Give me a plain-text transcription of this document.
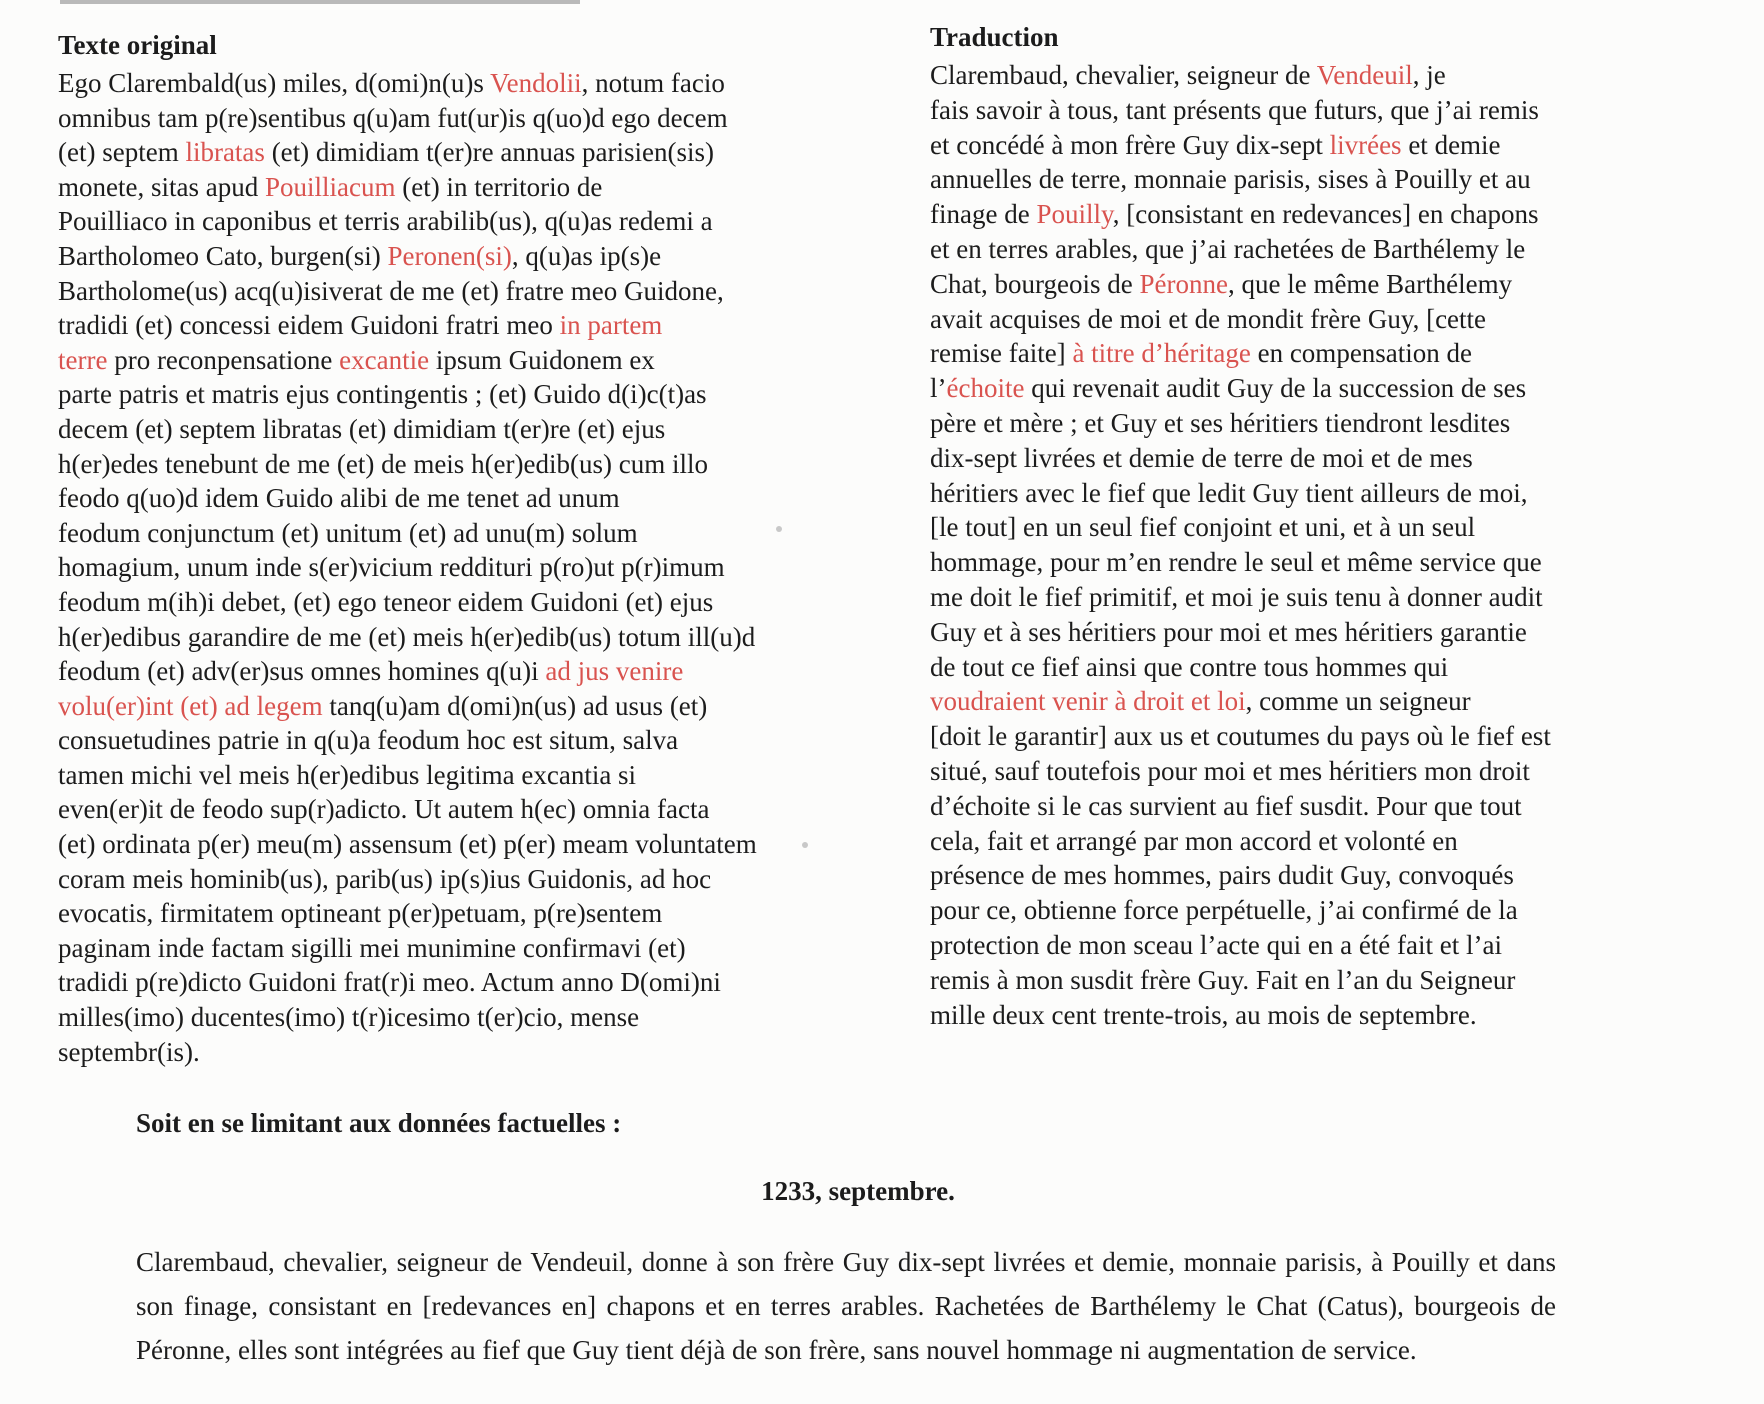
Texte original
Ego Clarembald(us) miles, d(omi)n(u)s Vendolii, notum facio
omnibus tam p(re)sentibus q(u)am fut(ur)is q(uo)d ego decem
(et) septem libratas (et) dimidiam t(er)re annuas parisien(sis)
monete, sitas apud Pouilliacum (et) in territorio de
Pouilliaco in caponibus et terris arabilib(us), q(u)as redemi a
Bartholomeo Cato, burgen(si) Peronen(si), q(u)as ip(s)e
Bartholome(us) acq(u)isiverat de me (et) fratre meo Guidone,
tradidi (et) concessi eidem Guidoni fratri meo in partem
terre pro reconpensatione excantie ipsum Guidonem ex
parte patris et matris ejus contingentis ; (et) Guido d(i)c(t)as
decem (et) septem libratas (et) dimidiam t(er)re (et) ejus
h(er)edes tenebunt de me (et) de meis h(er)edib(us) cum illo
feodo q(uo)d idem Guido alibi de me tenet ad unum
feodum conjunctum (et) unitum (et) ad unu(m) solum
homagium, unum inde s(er)vicium reddituri p(ro)ut p(r)imum
feodum m(ih)i debet, (et) ego teneor eidem Guidoni (et) ejus
h(er)edibus garandire de me (et) meis h(er)edib(us) totum ill(u)d
feodum (et) adv(er)sus omnes homines q(u)i ad jus venire
volu(er)int (et) ad legem tanq(u)am d(omi)n(us) ad usus (et)
consuetudines patrie in q(u)a feodum hoc est situm, salva
tamen michi vel meis h(er)edibus legitima excantia si
even(er)it de feodo sup(r)adicto. Ut autem h(ec) omnia facta
(et) ordinata p(er) meu(m) assensum (et) p(er) meam voluntatem
coram meis hominib(us), parib(us) ip(s)ius Guidonis, ad hoc
evocatis, firmitatem optineant p(er)petuam, p(re)sentem
paginam inde factam sigilli mei munimine confirmavi (et)
tradidi p(re)dicto Guidoni frat(r)i meo. Actum anno D(omi)ni
milles(imo) ducentes(imo) t(r)icesimo t(er)cio, mense
septembr(is).
Traduction
Clarembaud, chevalier, seigneur de Vendeuil, je
fais savoir à tous, tant présents que futurs, que j’ai remis
et concédé à mon frère Guy dix-sept livrées et demie
annuelles de terre, monnaie parisis, sises à Pouilly et au
finage de Pouilly, [consistant en redevances] en chapons
et en terres arables, que j’ai rachetées de Barthélemy le
Chat, bourgeois de Péronne, que le même Barthélemy
avait acquises de moi et de mondit frère Guy, [cette
remise faite] à titre d’héritage en compensation de
l’échoite qui revenait audit Guy de la succession de ses
père et mère ; et Guy et ses héritiers tiendront lesdites
dix-sept livrées et demie de terre de moi et de mes
héritiers avec le fief que ledit Guy tient ailleurs de moi,
[le tout] en un seul fief conjoint et uni, et à un seul
hommage, pour m’en rendre le seul et même service que
me doit le fief primitif, et moi je suis tenu à donner audit
Guy et à ses héritiers pour moi et mes héritiers garantie
de tout ce fief ainsi que contre tous hommes qui
voudraient venir à droit et loi, comme un seigneur
[doit le garantir] aux us et coutumes du pays où le fief est
situé, sauf toutefois pour moi et mes héritiers mon droit
d’échoite si le cas survient au fief susdit. Pour que tout
cela, fait et arrangé par mon accord et volonté en
présence de mes hommes, pairs dudit Guy, convoqués
pour ce, obtienne force perpétuelle, j’ai confirmé de la
protection de mon sceau l’acte qui en a été fait et l’ai
remis à mon susdit frère Guy. Fait en l’an du Seigneur
mille deux cent trente-trois, au mois de septembre.
Soit en se limitant aux données factuelles :
1233, septembre.
Clarembaud, chevalier, seigneur de Vendeuil, donne à son frère Guy dix-sept livrées et demie, monnaie parisis, à Pouilly et dans son finage, consistant en [redevances en] chapons et en terres arables. Rachetées de Barthélemy le Chat (Catus), bourgeois de Péronne, elles sont intégrées au fief que Guy tient déjà de son frère, sans nouvel hommage ni augmentation de service.
